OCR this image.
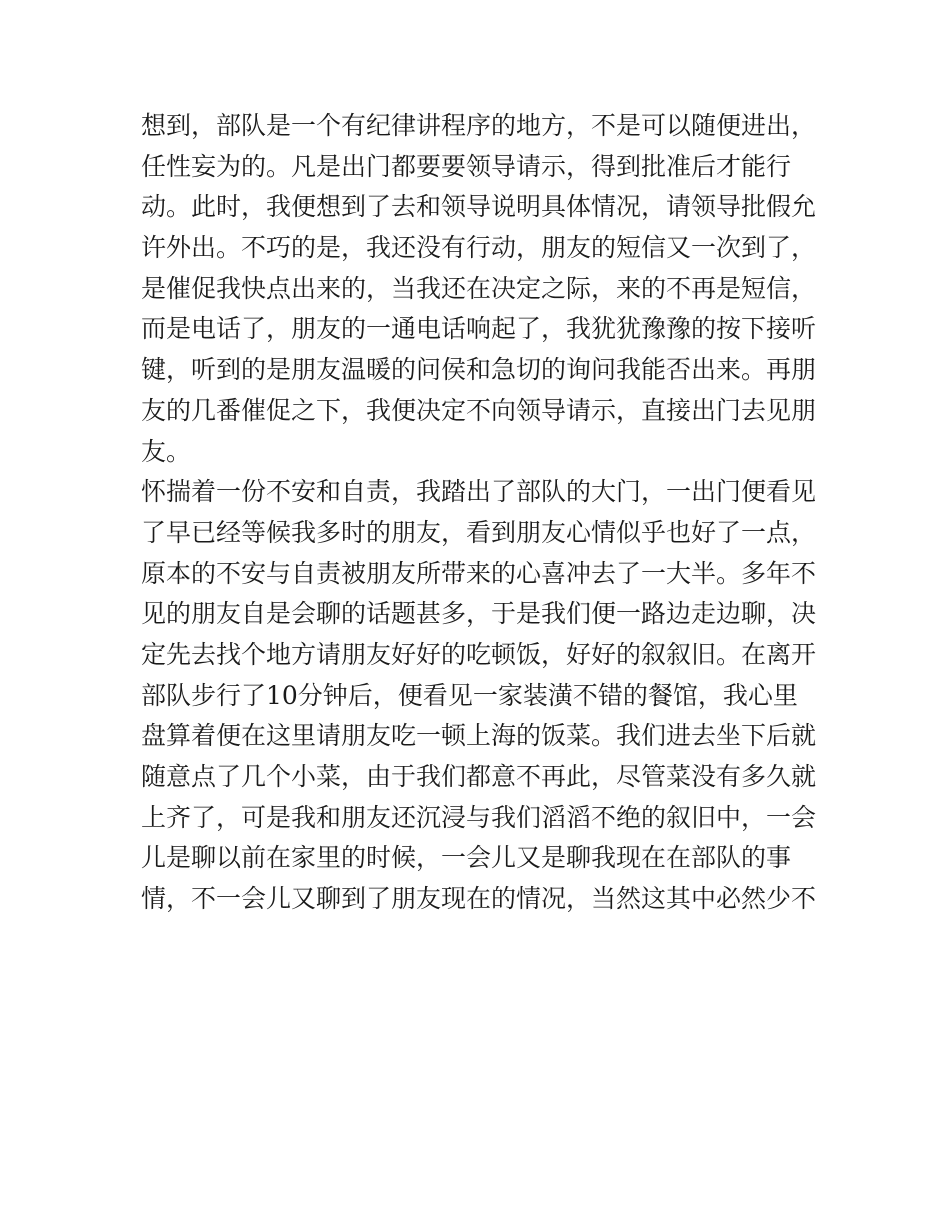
想到，部队是一个有纪律讲程序的地方，不是可以随便进出，
任性妄为的。凡是出门都要要领导请示，得到批准后才能行
动。此时，我便想到了去和领导说明具体情况，请领导批假允
许外出。不巧的是，我还没有行动，朋友的短信又一次到了，
是催促我快点出来的，当我还在决定之际，来的不再是短信，
而是电话了，朋友的一通电话响起了，我犹犹豫豫的按下接听
键，听到的是朋友温暖的问侯和急切的询问我能否出来。再朋
友的几番催促之下，我便决定不向领导请示，直接出门去见朋
友。
怀揣着一份不安和自责，我踏出了部队的大门，一出门便看见
了早已经等候我多时的朋友，看到朋友心情似乎也好了一点，
原本的不安与自责被朋友所带来的心喜冲去了一大半。多年不
见的朋友自是会聊的话题甚多，于是我们便一路边走边聊，决
定先去找个地方请朋友好好的吃顿饭，好好的叙叙旧。在离开
部队步行了10分钟后，便看见一家装潢不错的餐馆，我心里
盘算着便在这里请朋友吃一顿上海的饭菜。我们进去坐下后就
随意点了几个小菜，由于我们都意不再此，尽管菜没有多久就
上齐了，可是我和朋友还沉浸与我们滔滔不绝的叙旧中，一会
儿是聊以前在家里的时候，一会儿又是聊我现在在部队的事
情，不一会儿又聊到了朋友现在的情况，当然这其中必然少不
